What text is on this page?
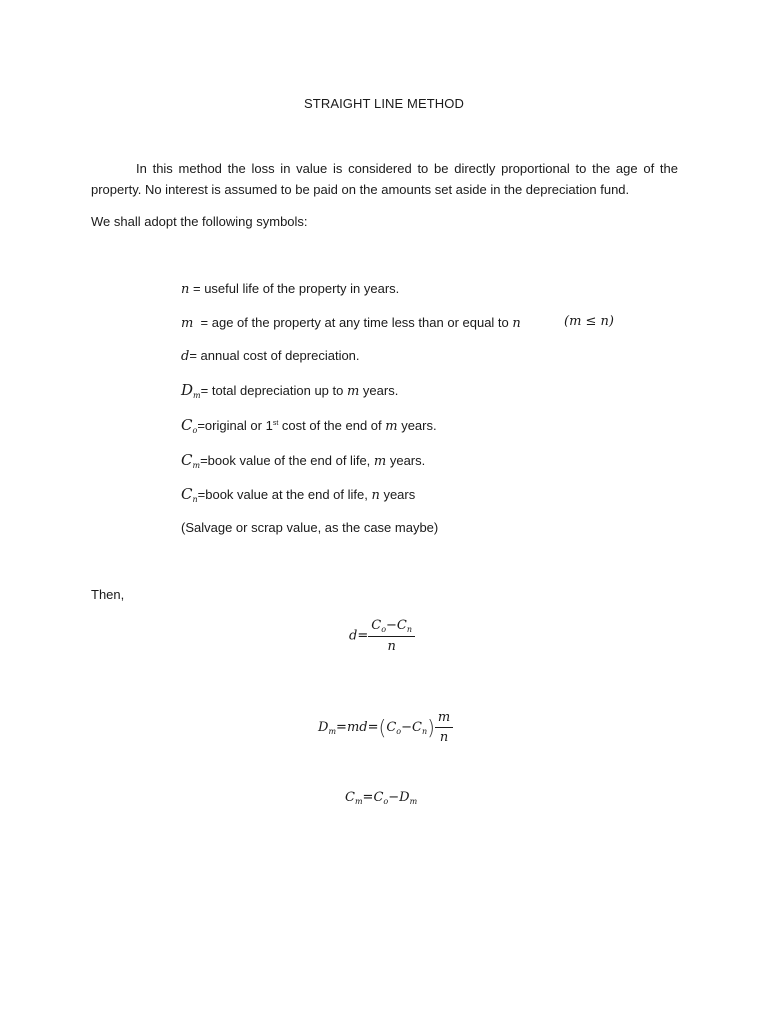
STRAIGHT LINE METHOD
In this method the loss in value is considered to be directly proportional to the age of the property. No interest is assumed to be paid on the amounts set aside in the depreciation fund.
We shall adopt the following symbols:
n = useful life of the property in years.
m  = age of the property at any time less than or equal to n	(m ≤ n)
d= annual cost of depreciation.
$D_m=$ total depreciation up to m years.
$C_o=original$ or 1st cost of the end of m years.
$C_m=book$ value of the end of life, m years.
$C_n=book$ value at the end of life, n years
(Salvage or scrap value, as the case maybe)
Then,
$d= \frac{C_o-C_n}{n}$
$D_m=md=(C_o-C_n) \frac{m}{n}$
$C_m=C_o-D_m$
